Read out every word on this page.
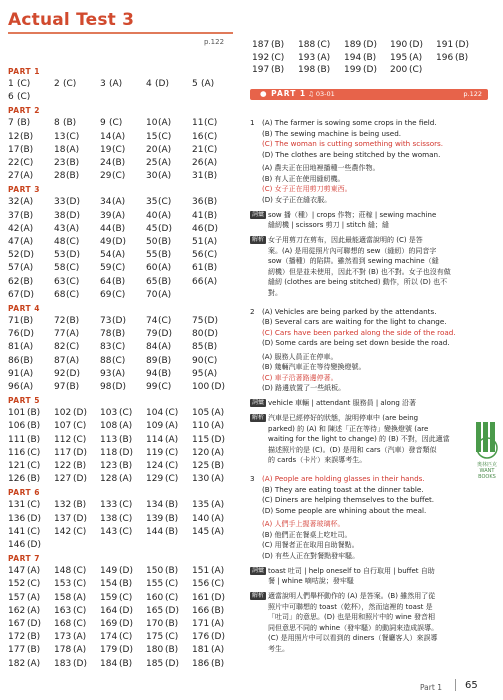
Actual Test 3
p.122
PART 1
1 (C)	2 (C)	3 (A)	4 (D)	5 (A)
6 (C)
PART 2
7 (B)	8 (B)	9 (C)	10 (A) 11 (C)
12 (B) 13 (C) 14 (A) 15 (C) 16 (C)
17 (B) 18 (A) 19 (C) 20 (A) 21 (C)
22 (C) 23 (B) 24 (B) 25 (A) 26 (A)
27 (A) 28 (B) 29 (C) 30 (A) 31 (B)
PART 3
32 (A) 33 (D) 34 (A) 35 (C) 36 (B)
37 (B) 38 (D) 39 (A) 40 (A) 41 (B)
42 (A) 43 (A) 44 (B) 45 (D) 46 (D)
47 (A) 48 (C) 49 (D) 50 (B) 51 (A)
52 (D) 53 (D) 54 (A) 55 (B) 56 (C)
57 (A) 58 (C) 59 (C) 60 (A) 61 (B)
62 (B) 63 (C) 64 (B) 65 (B) 66 (A)
67 (D) 68 (C) 69 (C) 70 (A)
PART 4
71 (B) 72 (B) 73 (D) 74 (C) 75 (D)
76 (D) 77 (A) 78 (B) 79 (D) 80 (D)
81 (A) 82 (C) 83 (C) 84 (A) 85 (B)
86 (B) 87 (A) 88 (C) 89 (B) 90 (C)
91 (A) 92 (D) 93 (A) 94 (B) 95 (A)
96 (A) 97 (B) 98 (D) 99 (C) 100 (D)
PART 5
101 (B) 102 (D) 103 (C) 104 (C) 105 (A)
106 (B) 107 (C) 108 (A) 109 (A) 110 (A)
111 (B) 112 (C) 113 (B) 114 (A) 115 (D)
116 (C) 117 (D) 118 (D) 119 (C) 120 (A)
121 (C) 122 (B) 123 (B) 124 (C) 125 (B)
126 (B) 127 (D) 128 (A) 129 (C) 130 (A)
PART 6
131 (C) 132 (B) 133 (C) 134 (B) 135 (A)
136 (D) 137 (D) 138 (C) 139 (B) 140 (A)
141 (C) 142 (C) 143 (C) 144 (B) 145 (A)
146 (D)
PART 7
147 (A) 148 (C) 149 (D) 150 (B) 151 (A)
152 (C) 153 (C) 154 (B) 155 (C) 156 (C)
157 (A) 158 (A) 159 (C) 160 (C) 161 (D)
162 (A) 163 (C) 164 (D) 165 (D) 166 (B)
167 (D) 168 (C) 169 (D) 170 (B) 171 (A)
172 (B) 173 (A) 174 (C) 175 (C) 176 (D)
177 (B) 178 (A) 179 (D) 180 (B) 181 (A)
182 (A) 183 (D) 184 (B) 185 (D) 186 (B)
187 (B) 188 (C) 189 (D) 190 (D) 191 (D)
192 (C) 193 (A) 194 (B) 195 (A) 196 (B)
197 (B) 198 (B) 199 (D) 200 (C)
● PART 1 ♫ 03-01	p.122
1 (A) The farmer is sowing some crops in the field.
(B) The sewing machine is being used.
(C) The woman is cutting something with scissors.
(D) The clothes are being stitched by the woman.
(A) 農夫正在田地裡播種一些農作物。
(B) 有人正在使用縫紉機。
(C) 女子正在用剪刀剪東西。
(D) 女子正在縫衣服。
詞彙 sow 播（種）| crops 作物；莊稼 | sewing machine
縫紉機 | scissors 剪刀 | stitch 縫；縫
解析 女子用剪刀在剪布，因此最能適當說明的 (C) 是答
案。(A) 是用從照片內可聯想的 sew（縫紉）的同音字
sow（播種）的陷阱。雖然看到 sewing machine（縫
紉機）但是並未使用，因此不對 (B) 也不對。女子也沒有做
縫紉 (clothes are being stitched) 動作，所以 (D) 也不
對。
2 (A) Vehicles are being parked by the attendants.
(B) Several cars are waiting for the light to change.
(C) Cars have been parked along the side of the road.
(D) Some cards are being set down beside the road.
(A) 服務人員正在停車。
(B) 幾輛汽車正在等待變換燈號。
(C) 車子沿著路邊停著。
(D) 路邊放置了一些紙板。
詞彙 vehicle 車輛 | attendant 服務員 | along 沿著
解析 汽車是已經停好的狀態，說明停車中 (are being
parked) 的 (A) 和 陳述「正在等待」變換燈號 (are
waiting for the light to change) 的 (B) 不對，因此適當
描述照片的是 (C)。(D) 是用和 cars（汽車）發音類似
的 cards（卡片）來誤導考生。
3 (A) People are holding glasses in their hands.
(B) They are eating toast at the dinner table.
(C) Diners are helping themselves to the buffet.
(D) Some people are whining about the meal.
(A) 人們手上握著玻璃杯。
(B) 他們正在餐桌上吃吐司。
(C) 用餐者正在取用自助餐點。
(D) 有些人正在對餐點發牢騷。
詞彙 toast 吐司 | help oneself to 自行取用 | buffet 自助
餐 | whine 嘀咕說；發牢騷
解析 適當說明人們舉杯動作的 (A) 是答案。(B) 雖然用了從
照片中可聯想的 toast（乾杯），然而這裡的 toast 是
「吐司」的意思。(D) 也是用和照片中的 wine 發音相
同但意思不同的 whine（發牢騷）的動詞來造成誤導。
(C) 是用照片中可以看到的 diners（餐廳客人）來誤導
考生。
奧林匹克 WANT BOOKS
Part 1 65
